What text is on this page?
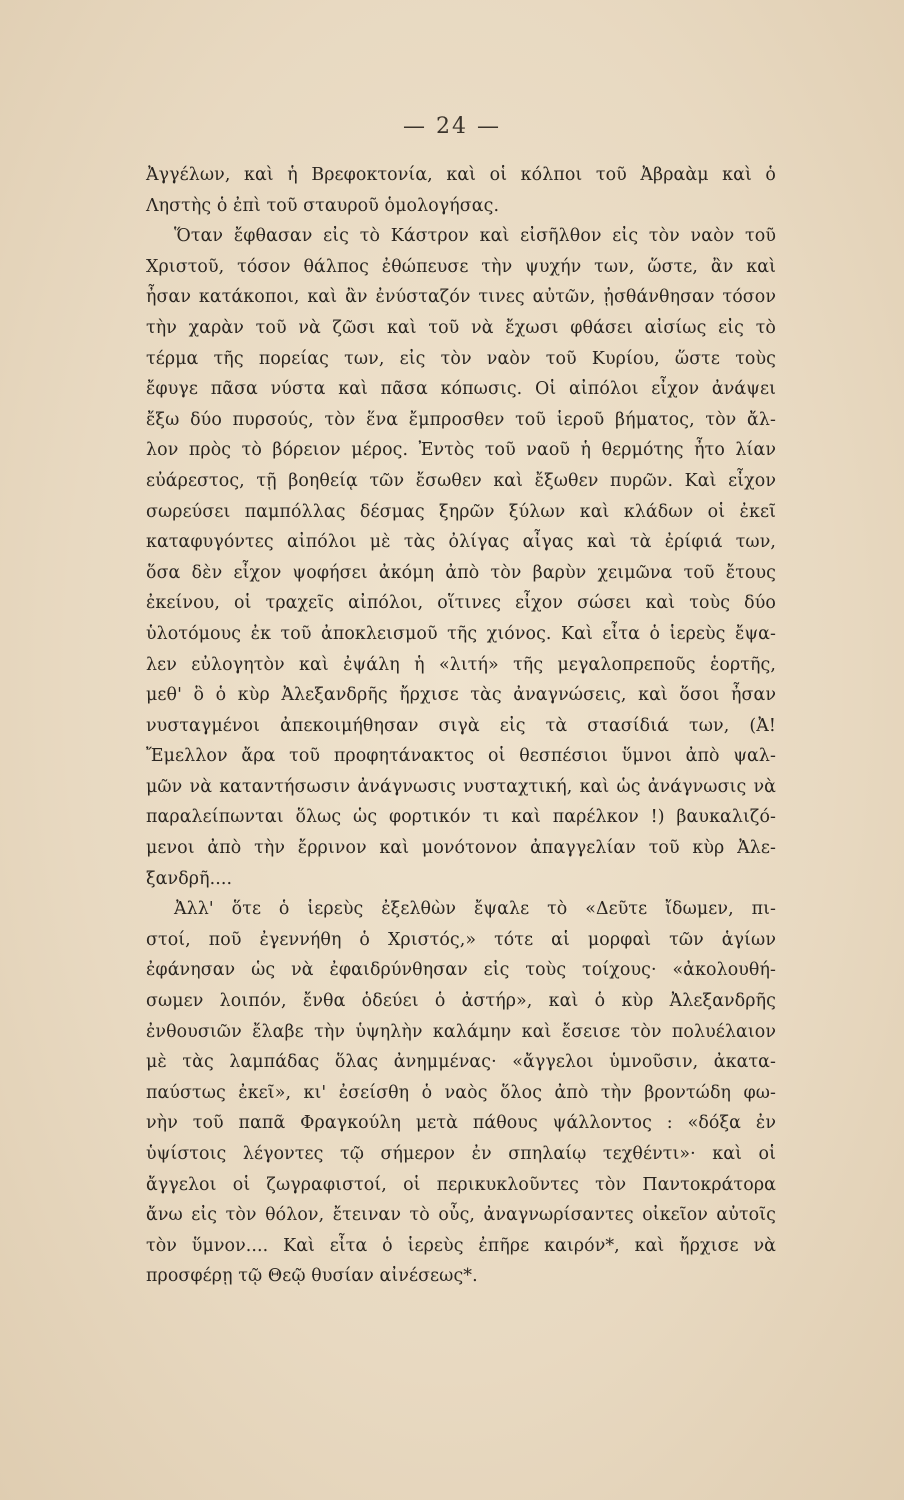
— 24 —
Ἀγγέλων, καὶ ἡ Βρεφοκτονία, καὶ οἱ κόλποι τοῦ Ἀβραὰμ καὶ ὁ
Ληστὴς ὁ ἐπὶ τοῦ σταυροῦ ὁμολογήσας.
Ὅταν ἔφθασαν εἰς τὸ Κάστρον καὶ εἰσῆλθον εἰς τὸν ναὸν τοῦ
Χριστοῦ, τόσον θάλπος ἐθώπευσε τὴν ψυχήν των, ὥστε, ἂν καὶ
ἦσαν κατάκοποι, καὶ ἂν ἐνύσταζόν τινες αὐτῶν, ᾐσθάνθησαν τόσον
τὴν χαρὰν τοῦ νὰ ζῶσι καὶ τοῦ νὰ ἔχωσι φθάσει αἰσίως εἰς τὸ
τέρμα τῆς πορείας των, εἰς τὸν ναὸν τοῦ Κυρίου, ὥστε τοὺς
ἔφυγε πᾶσα νύστα καὶ πᾶσα κόπωσις. Οἱ αἰπόλοι εἶχον ἀνάψει
ἔξω δύο πυρσούς, τὸν ἕνα ἔμπροσθεν τοῦ ἱεροῦ βήματος, τὸν ἄλ-
λον πρὸς τὸ βόρειον μέρος. Ἐντὸς τοῦ ναοῦ ἡ θερμότης ἦτο λίαν
εὐάρεστος, τῇ βοηθείᾳ τῶν ἔσωθεν καὶ ἔξωθεν πυρῶν. Καὶ εἶχον
σωρεύσει παμπόλλας δέσμας ξηρῶν ξύλων καὶ κλάδων οἱ ἐκεῖ
καταφυγόντες αἰπόλοι μὲ τὰς ὀλίγας αἶγας καὶ τὰ ἐρίφιά των,
ὅσα δὲν εἶχον ψοφήσει ἀκόμη ἀπὸ τὸν βαρὺν χειμῶνα τοῦ ἔτους
ἐκείνου, οἱ τραχεῖς αἰπόλοι, οἵτινες εἶχον σώσει καὶ τοὺς δύο
ὑλοτόμους ἐκ τοῦ ἀποκλεισμοῦ τῆς χιόνος. Καὶ εἶτα ὁ ἱερεὺς ἔψα-
λεν εὐλογητὸν καὶ ἐψάλη ἡ «λιτή» τῆς μεγαλοπρεποῦς ἑορτῆς,
μεθ' ὃ ὁ κὺρ Ἀλεξανδρῆς ἤρχισε τὰς ἀναγνώσεις, καὶ ὅσοι ἦσαν
νυσταγμένοι ἀπεκοιμήθησαν σιγὰ εἰς τὰ στασίδιά των, (Ἀ!
Ἔμελλον ἄρα τοῦ προφητάνακτος οἱ θεσπέσιοι ὕμνοι ἀπὸ ψαλ-
μῶν νὰ καταντήσωσιν ἀνάγνωσις νυσταχτική, καὶ ὡς ἀνάγνωσις νὰ
παραλείπωνται ὅλως ὡς φορτικόν τι καὶ παρέλκον !) βαυκαλιζό-
μενοι ἀπὸ τὴν ἔρρινον καὶ μονότονον ἀπαγγελίαν τοῦ κὺρ Ἀλε-
ξανδρῆ....
Ἀλλ' ὅτε ὁ ἱερεὺς ἐξελθὼν ἔψαλε τὸ «Δεῦτε ἴδωμεν, πι-
στοί, ποῦ ἐγεννήθη ὁ Χριστός,» τότε αἱ μορφαὶ τῶν ἁγίων
ἐφάνησαν ὡς νὰ ἐφαιδρύνθησαν εἰς τοὺς τοίχους· «ἀκολουθή-
σωμεν λοιπόν, ἔνθα ὁδεύει ὁ ἀστήρ», καὶ ὁ κὺρ Ἀλεξανδρῆς
ἐνθουσιῶν ἔλαβε τὴν ὑψηλὴν καλάμην καὶ ἔσεισε τὸν πολυέλαιον
μὲ τὰς λαμπάδας ὅλας ἀνημμένας· «ἄγγελοι ὑμνοῦσιν, ἀκατα-
παύστως ἐκεῖ», κι' ἐσείσθη ὁ ναὸς ὅλος ἀπὸ τὴν βροντώδη φω-
νὴν τοῦ παπᾶ Φραγκούλη μετὰ πάθους ψάλλοντος : «δόξα ἐν
ὑψίστοις λέγοντες τῷ σήμερον ἐν σπηλαίῳ τεχθέντι»· καὶ οἱ
ἄγγελοι οἱ ζωγραφιστοί, οἱ περικυκλοῦντες τὸν Παντοκράτορα
ἄνω εἰς τὸν θόλον, ἔτειναν τὸ οὖς, ἀναγνωρίσαντες οἰκεῖον αὐτοῖς
τὸν ὕμνον.... Καὶ εἶτα ὁ ἱερεὺς ἐπῆρε καιρόν*, καὶ ἤρχισε νὰ
προσφέρῃ τῷ Θεῷ θυσίαν αἰνέσεως*.
